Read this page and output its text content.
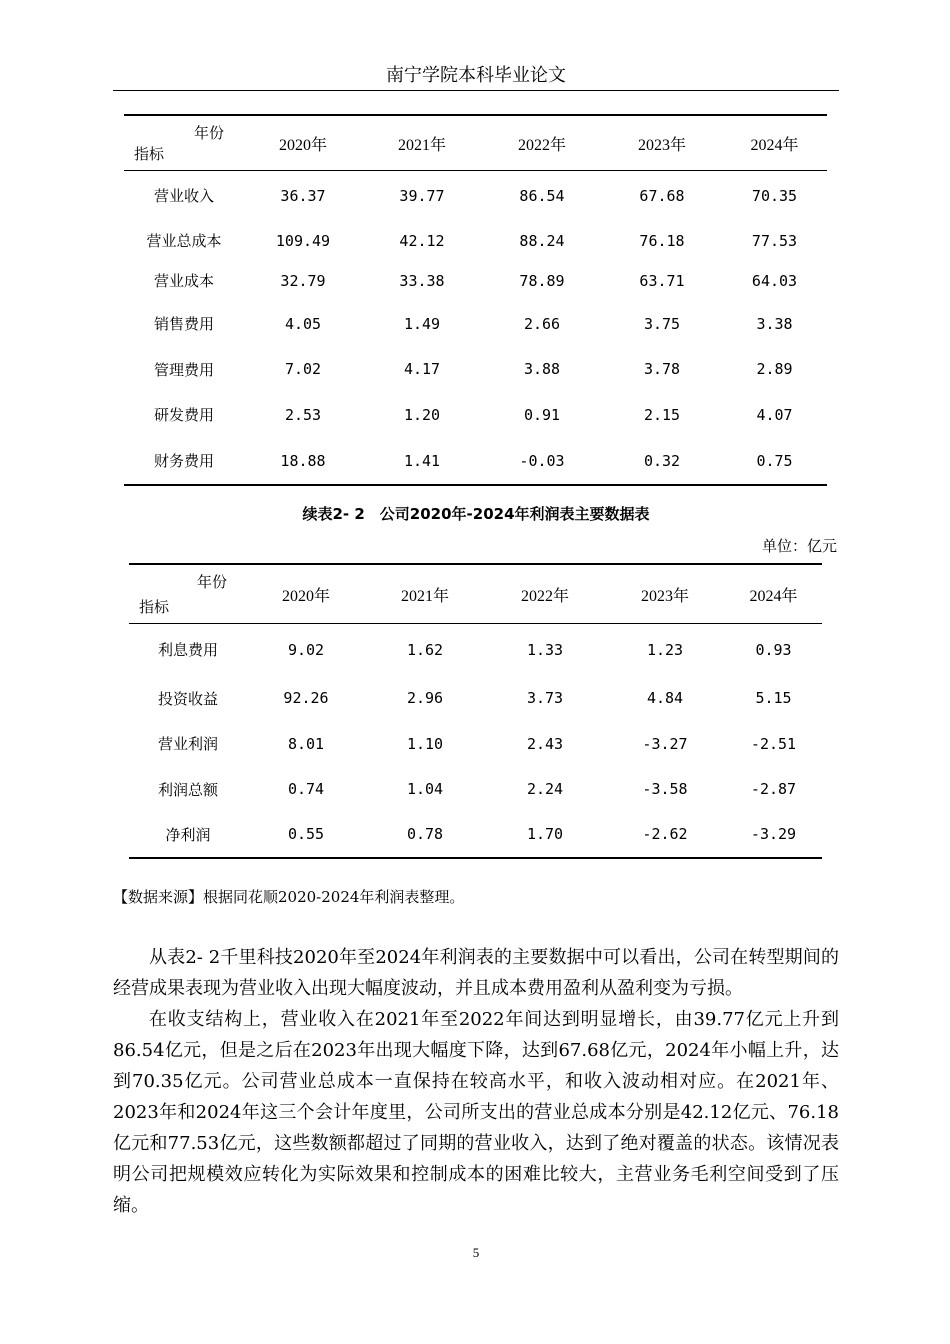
南宁学院本科毕业论文
年份
指标	2020年	2021年	2022年	2023年	2024年
营业收入	36.37	39.77	86.54	67.68	70.35
营业总成本	109.49	42.12	88.24	76.18	77.53
营业成本	32.79	33.38	78.89	63.71	64.03
销售费用	4.05	1.49	2.66	3.75	3.38
管理费用	7.02	4.17	3.88	3.78	2.89
研发费用	2.53	1.20	0.91	2.15	4.07
财务费用	18.88	1.41	-0.03	0.32	0.75
续表2- 2　公司2020年-2024年利润表主要数据表
单位：亿元
年份
指标	2020年	2021年	2022年	2023年	2024年
利息费用	9.02	1.62	1.33	1.23	0.93
投资收益	92.26	2.96	3.73	4.84	5.15
营业利润	8.01	1.10	2.43	-3.27	-2.51
利润总额	0.74	1.04	2.24	-3.58	-2.87
净利润	0.55	0.78	1.70	-2.62	-3.29
【数据来源】根据同花顺2020-2024年利润表整理。

从表2- 2千里科技2020年至2024年利润表的主要数据中可以看出，公司在转型期间的经营成果表现为营业收入出现大幅度波动，并且成本费用盈利从盈利变为亏损。

在收支结构上，营业收入在2021年至2022年间达到明显增长，由39.77亿元上升到86.54亿元，但是之后在2023年出现大幅度下降，达到67.68亿元，2024年小幅上升，达到70.35亿元。公司营业总成本一直保持在较高水平，和收入波动相对应。在2021年、2023年和2024年这三个会计年度里，公司所支出的营业总成本分别是42.12亿元、76.18亿元和77.53亿元，这些数额都超过了同期的营业收入，达到了绝对覆盖的状态。该情况表明公司把规模效应转化为实际效果和控制成本的困难比较大，主营业务毛利空间受到了压缩。

5
